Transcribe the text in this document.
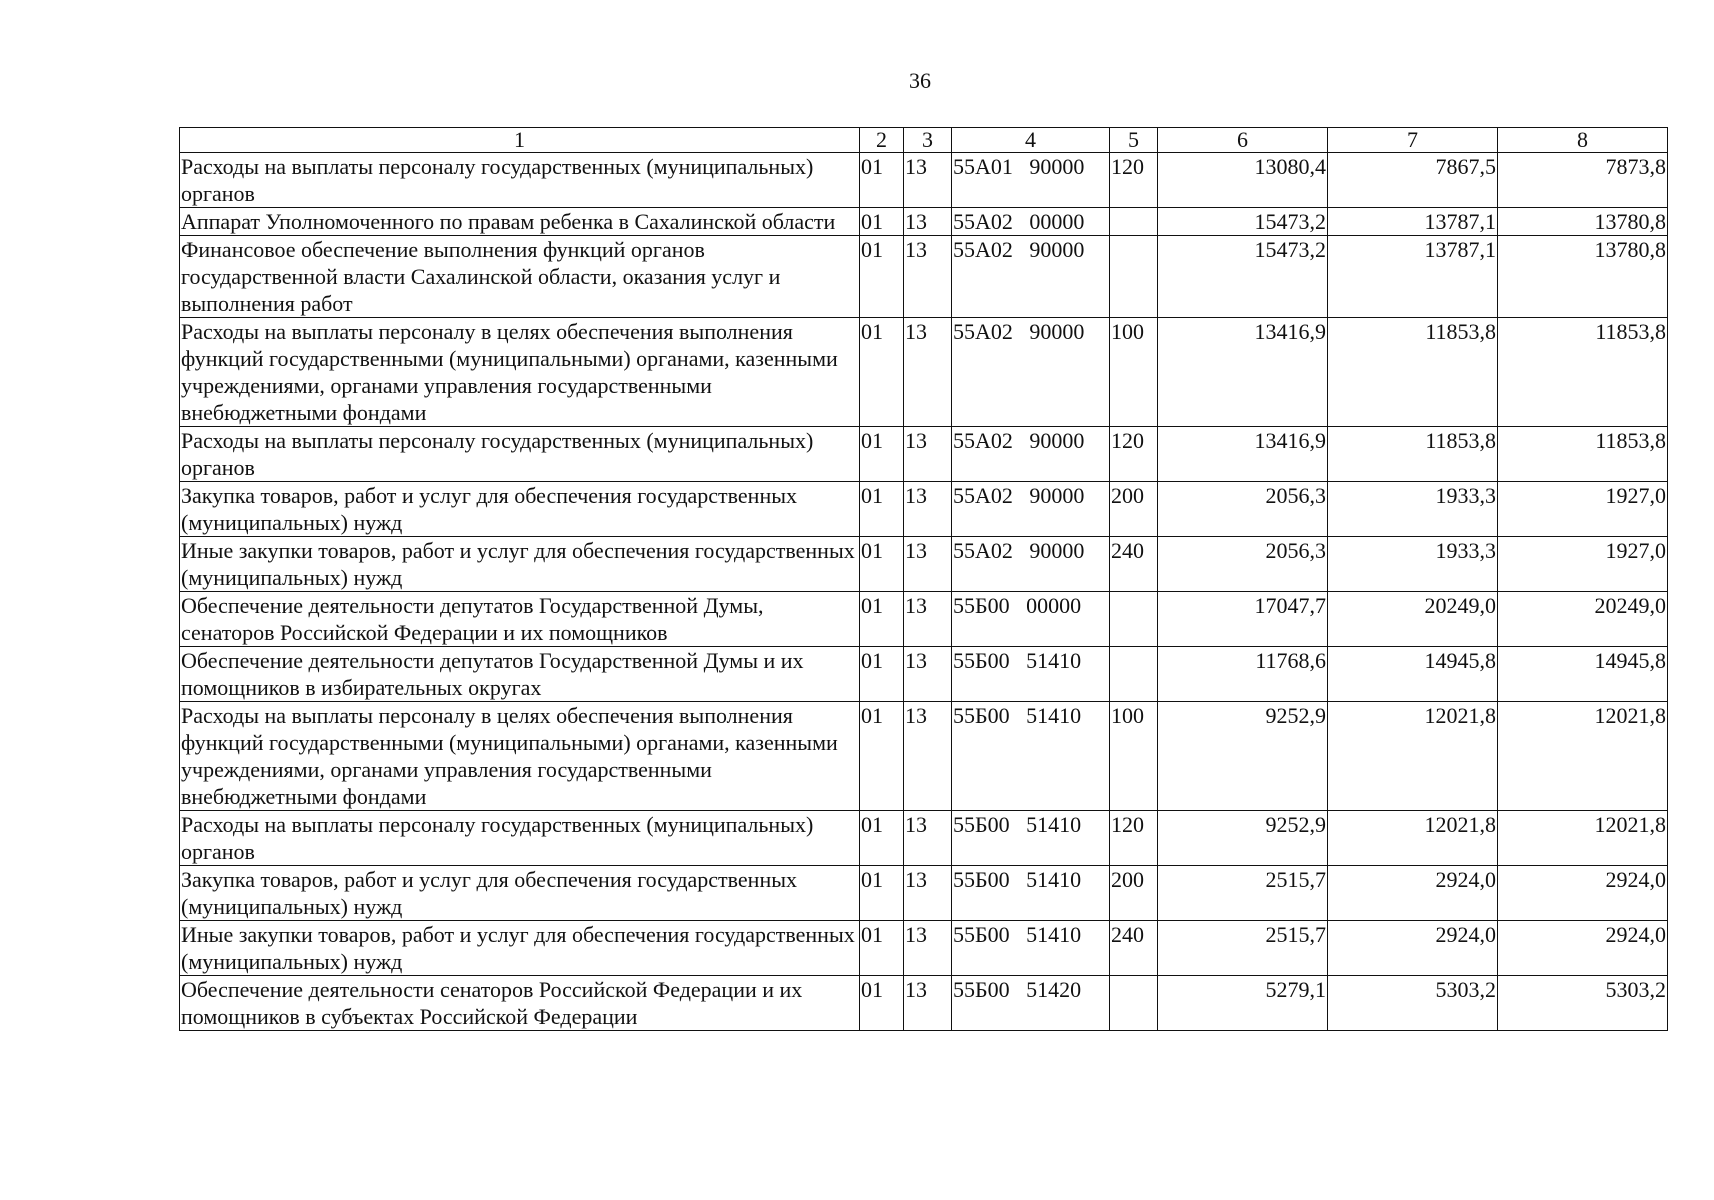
36
1	2	3	4	5	6	7	8
Расходы на выплаты персоналу государственных (муниципальных) органов	01	13	55А01   90000	120	13080,4	7867,5	7873,8
Аппарат Уполномоченного по правам ребенка в Сахалинской области	01	13	55А02   00000		15473,2	13787,1	13780,8
Финансовое обеспечение выполнения функций органов государственной власти Сахалинской области, оказания услуг и выполнения работ	01	13	55А02   90000		15473,2	13787,1	13780,8
Расходы на выплаты персоналу в целях обеспечения выполнения функций государственными (муниципальными) органами, казенными учреждениями, органами управления государственными внебюджетными фондами	01	13	55А02   90000	100	13416,9	11853,8	11853,8
Расходы на выплаты персоналу государственных (муниципальных) органов	01	13	55А02   90000	120	13416,9	11853,8	11853,8
Закупка товаров, работ и услуг для обеспечения государственных (муниципальных) нужд	01	13	55А02   90000	200	2056,3	1933,3	1927,0
Иные закупки товаров, работ и услуг для обеспечения государственных (муниципальных) нужд	01	13	55А02   90000	240	2056,3	1933,3	1927,0
Обеспечение деятельности депутатов Государственной Думы, сенаторов Российской Федерации и их помощников	01	13	55Б00   00000		17047,7	20249,0	20249,0
Обеспечение деятельности депутатов Государственной Думы и их помощников в избирательных округах	01	13	55Б00   51410		11768,6	14945,8	14945,8
Расходы на выплаты персоналу в целях обеспечения выполнения функций государственными (муниципальными) органами, казенными учреждениями, органами управления государственными внебюджетными фондами	01	13	55Б00   51410	100	9252,9	12021,8	12021,8
Расходы на выплаты персоналу государственных (муниципальных) органов	01	13	55Б00   51410	120	9252,9	12021,8	12021,8
Закупка товаров, работ и услуг для обеспечения государственных (муниципальных) нужд	01	13	55Б00   51410	200	2515,7	2924,0	2924,0
Иные закупки товаров, работ и услуг для обеспечения государственных (муниципальных) нужд	01	13	55Б00   51410	240	2515,7	2924,0	2924,0
Обеспечение деятельности сенаторов Российской Федерации и их помощников в субъектах Российской Федерации	01	13	55Б00   51420		5279,1	5303,2	5303,2
